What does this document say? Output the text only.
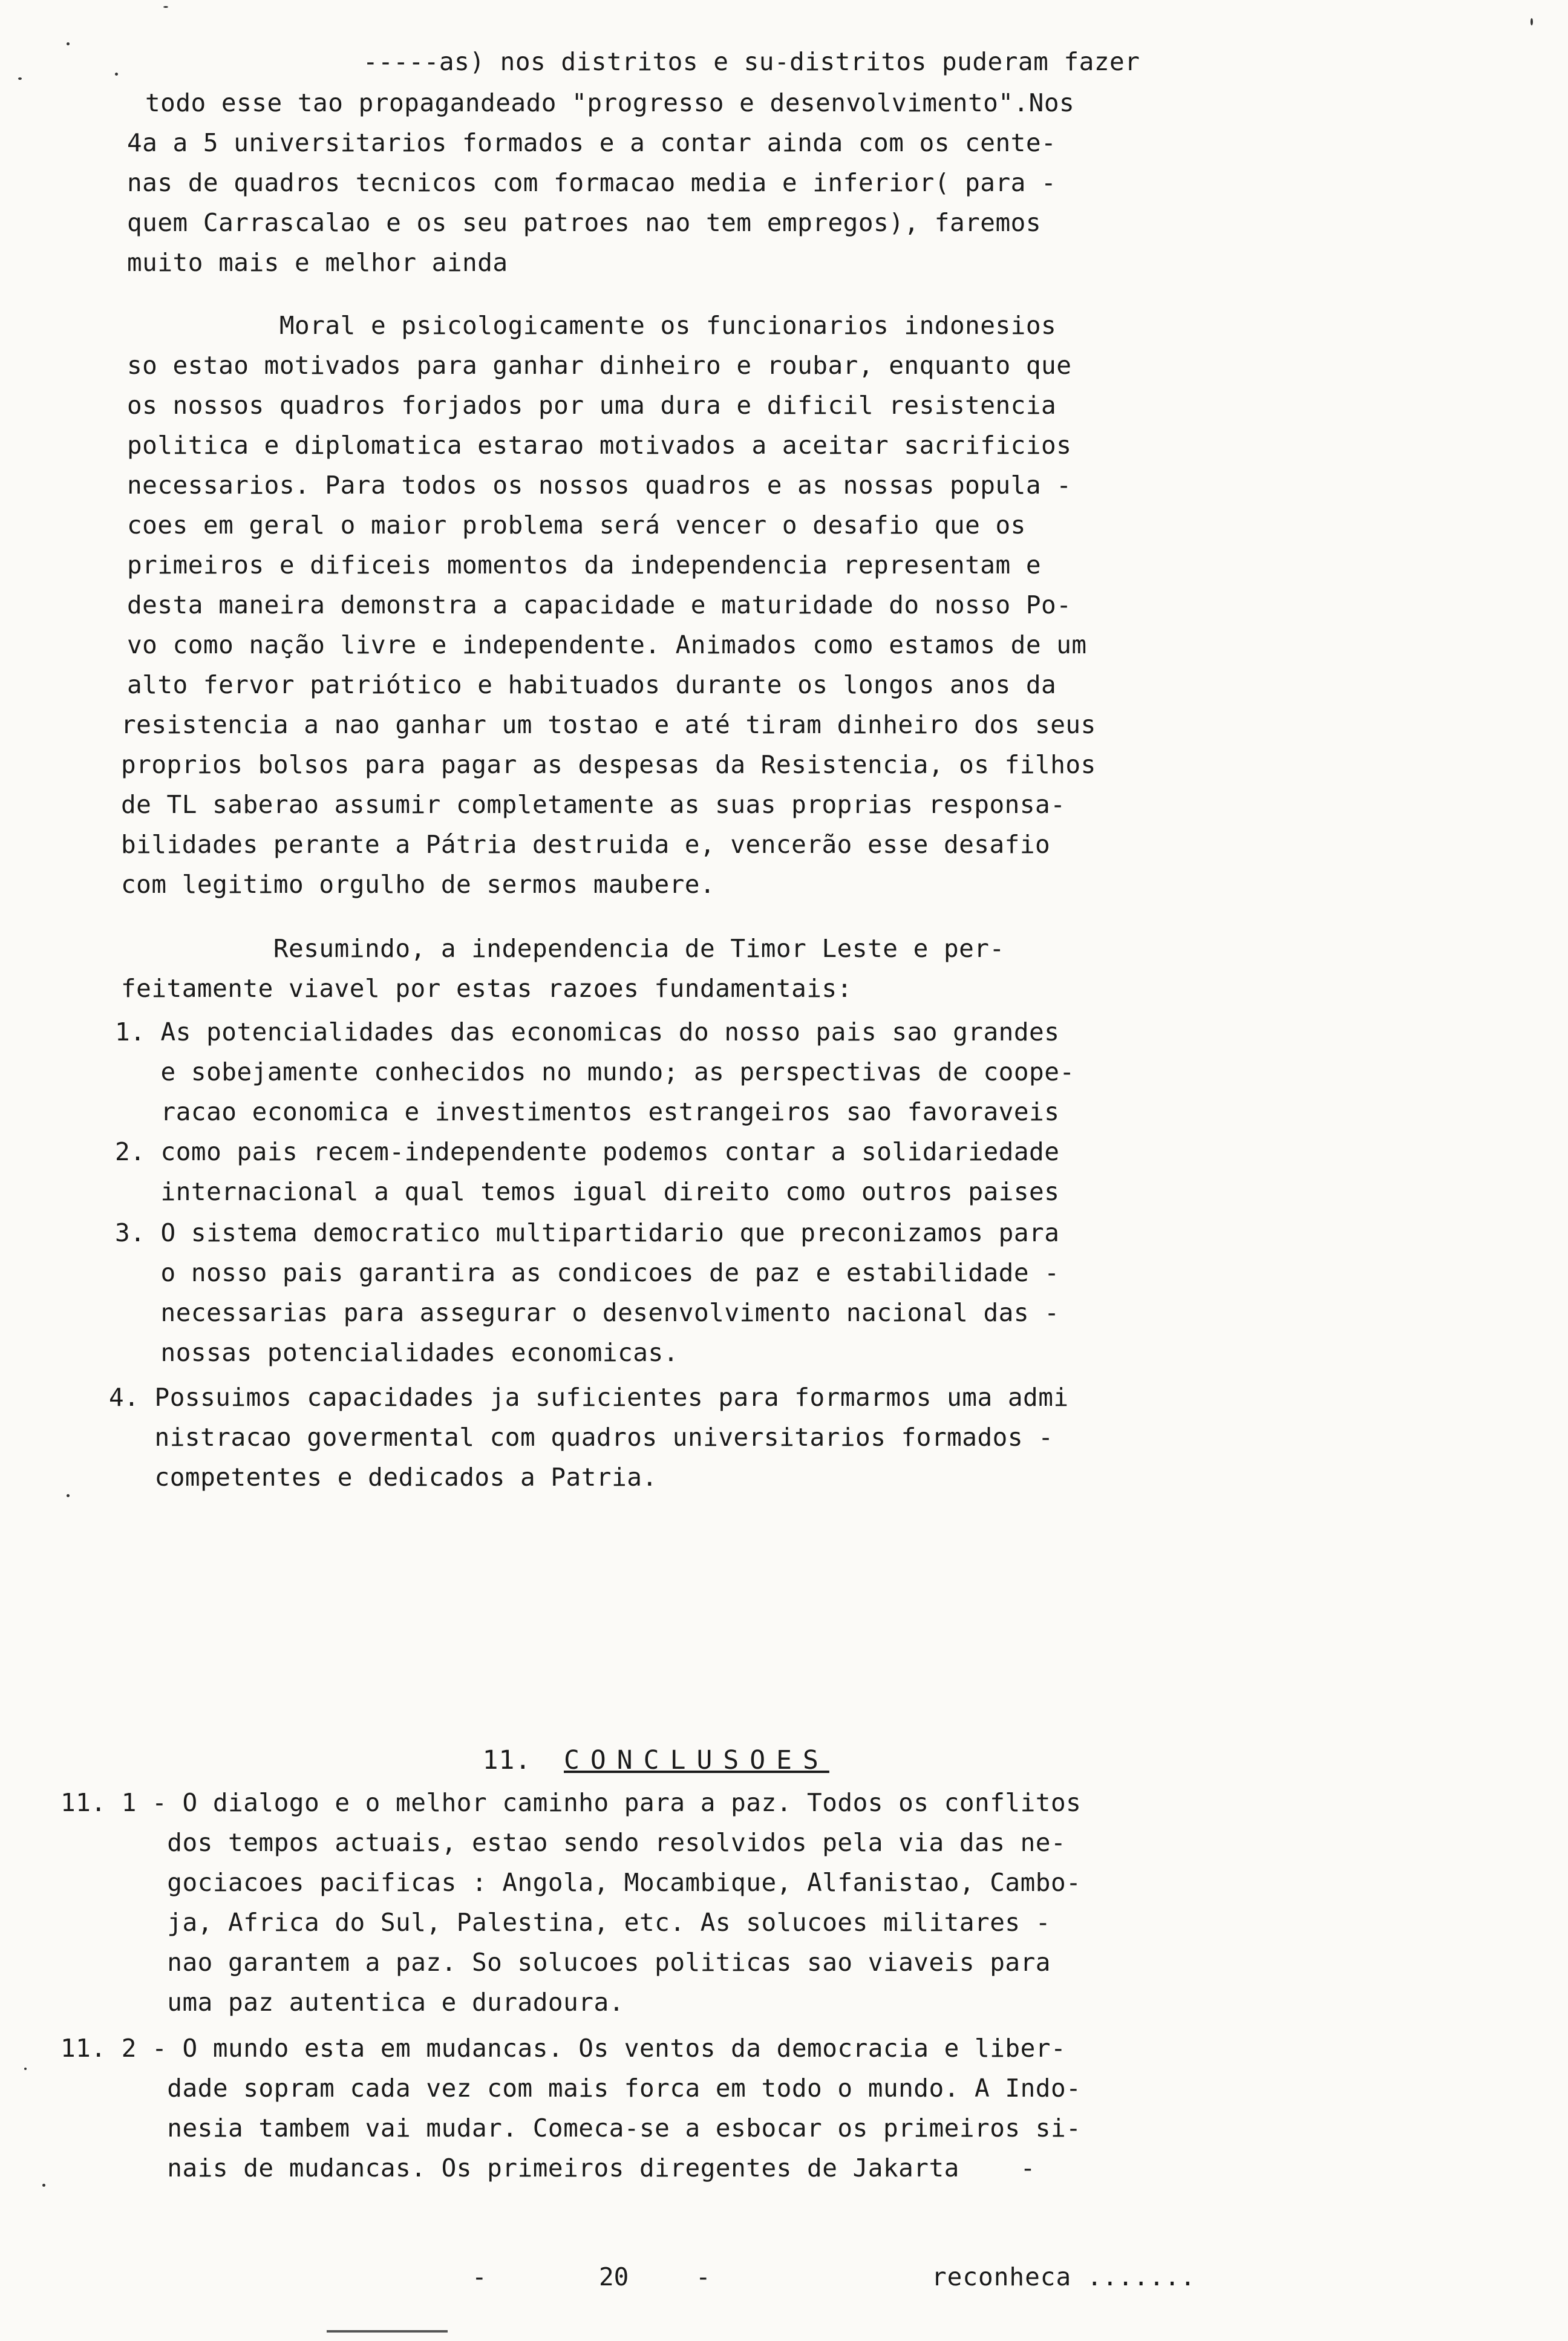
-----as) nos distritos e su-distritos puderam fazer
todo esse tao propagandeado "progresso e desenvolvimento".Nos
4a a 5 universitarios formados e a contar ainda com os cente-
nas de quadros tecnicos com formacao media e inferior( para -
quem Carrascalao e os seu patroes nao tem empregos), faremos
muito mais e melhor ainda
Moral e psicologicamente os funcionarios indonesios
so estao motivados para ganhar dinheiro e roubar, enquanto que
os nossos quadros forjados por uma dura e dificil resistencia
politica e diplomatica estarao motivados a aceitar sacrificios
necessarios. Para todos os nossos quadros e as nossas popula -
coes em geral o maior problema será vencer o desafio que os
primeiros e dificeis momentos da independencia representam e
desta maneira demonstra a capacidade e maturidade do nosso Po-
vo como nação livre e independente. Animados como estamos de um
alto fervor patriótico e habituados durante os longos anos da
resistencia a nao ganhar um tostao e até tiram dinheiro dos seus
proprios bolsos para pagar as despesas da Resistencia, os filhos
de TL saberao assumir completamente as suas proprias responsa-
bilidades perante a Pátria destruida e, vencerão esse desafio
com legitimo orgulho de sermos maubere.
Resumindo, a independencia de Timor Leste e per-
feitamente viavel por estas razoes fundamentais:
1. As potencialidades das economicas do nosso pais sao grandes
e sobejamente conhecidos no mundo; as perspectivas de coope-
racao economica e investimentos estrangeiros sao favoraveis
2. como pais recem-independente podemos contar a solidariedade
internacional a qual temos igual direito como outros paises
3. O sistema democratico multipartidario que preconizamos para
o nosso pais garantira as condicoes de paz e estabilidade -
necessarias para assegurar o desenvolvimento nacional das -
nossas potencialidades economicas.
4. Possuimos capacidades ja suficientes para formarmos uma admi
nistracao govermental com quadros universitarios formados -
competentes e dedicados a Patria.

11. CONCLUSOES

11. 1 - O dialogo e o melhor caminho para a paz. Todos os conflitos
dos tempos actuais, estao sendo resolvidos pela via das ne-
gociacoes pacificas : Angola, Mocambique, Alfanistao, Cambo-
ja, Africa do Sul, Palestina, etc. As solucoes militares -
nao garantem a paz. So solucoes politicas sao viaveis para
uma paz autentica e duradoura.
11. 2 - O mundo esta em mudancas. Os ventos da democracia e liber-
dade sopram cada vez com mais forca em todo o mundo. A Indo-
nesia tambem vai mudar. Comeca-se a esbocar os primeiros si-
nais de mudancas. Os primeiros diregentes de Jakarta    -
-	20	-	reconheca .......
